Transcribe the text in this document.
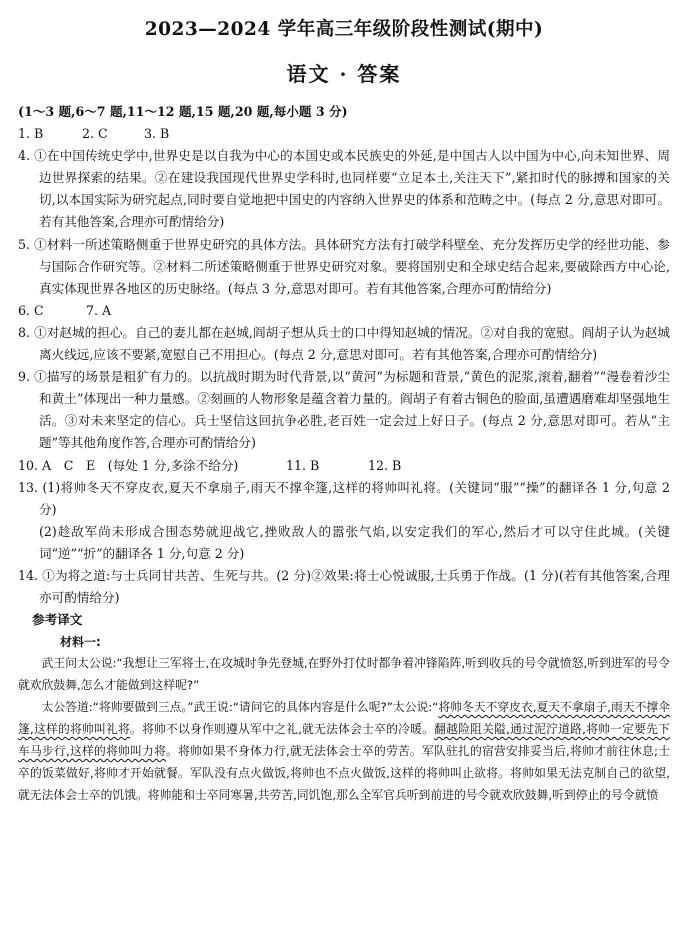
2023—2024 学年高三年级阶段性测试(期中)
语文 · 答案

(1～3 题,6～7 题,11～12 题,15 题,20 题,每小题 3 分)

1. B	2. C	3. B

4. ①在中国传统史学中,世界史是以自我为中心的本国史或本民族史的外延,是中国古人以中国为中心,向未知世界、周边世界探索的结果。②在建设我国现代世界史学科时,也同样要“立足本土,关注天下”,紧扣时代的脉搏和国家的关切,以本国实际为研究起点,同时要自觉地把中国史的内容纳入世界史的体系和范畴之中。(每点 2 分,意思对即可。若有其他答案,合理亦可酌情给分)

5. ①材料一所述策略侧重于世界史研究的具体方法。具体研究方法有打破学科壁垒、充分发挥历史学的经世功能、参与国际合作研究等。②材料二所述策略侧重于世界史研究对象。要将国别史和全球史结合起来,要破除西方中心论,真实体现世界各地区的历史脉络。(每点 3 分,意思对即可。若有其他答案,合理亦可酌情给分)

6. C	7. A

8. ①对赵城的担心。自己的妻儿都在赵城,阎胡子想从兵士的口中得知赵城的情况。②对自我的宽慰。阎胡子认为赵城离火线远,应该不要紧,宽慰自己不用担心。(每点 2 分,意思对即可。若有其他答案,合理亦可酌情给分)

9. ①描写的场景是粗犷有力的。以抗战时期为时代背景,以“黄河”为标题和背景,“黄色的泥浆,滚着,翻着”“漫卷着沙尘和黄土”体现出一种力量感。②刻画的人物形象是蕴含着力量的。阎胡子有着古铜色的脸面,虽遭遇磨难却坚强地生活。③对未来坚定的信心。兵士坚信这回抗争必胜,老百姓一定会过上好日子。(每点 2 分,意思对即可。若从“主题”等其他角度作答,合理亦可酌情给分)

10. A　C　E　(每处 1 分,多涂不给分)	11. B	12. B

13. (1)将帅冬天不穿皮衣,夏天不拿扇子,雨天不撑伞篷,这样的将帅叫礼将。(关键词“服”“操”的翻译各 1 分,句意 2 分)

(2)趁敌军尚未形成合围态势就迎战它,挫败敌人的嚣张气焰,以安定我们的军心,然后才可以守住此城。(关键词“逆”“折”的翻译各 1 分,句意 2 分)

14. ①为将之道:与士兵同甘共苦、生死与共。(2 分)②效果:将士心悦诚服,士兵勇于作战。(1 分)(若有其他答案,合理亦可酌情给分)

参考译文

材料一:

武王问太公说:“我想让三军将士,在攻城时争先登城,在野外打仗时都争着冲锋陷阵,听到收兵的号令就愤怒,听到进军的号令就欢欣鼓舞,怎么才能做到这样呢?”

太公答道:“将帅要做到三点。”武王说:“请问它的具体内容是什么呢?”太公说:“将帅冬天不穿皮衣,夏天不拿扇子,雨天不撑伞篷,这样的将帅叫礼将。将帅不以身作则遵从军中之礼,就无法体会士卒的冷暖。翻越险阻关隘,通过泥泞道路,将帅一定要先下车马步行,这样的将帅叫力将。将帅如果不身体力行,就无法体会士卒的劳苦。军队驻扎的宿营安排妥当后,将帅才前往休息;士卒的饭菜做好,将帅才开始就餐。军队没有点火做饭,将帅也不点火做饭,这样的将帅叫止欲将。将帅如果无法克制自己的欲望,就无法体会士卒的饥饿。将帅能和士卒同寒暑,共劳苦,同饥饱,那么全军官兵听到前进的号令就欢欣鼓舞,听到停止的号令就愤
